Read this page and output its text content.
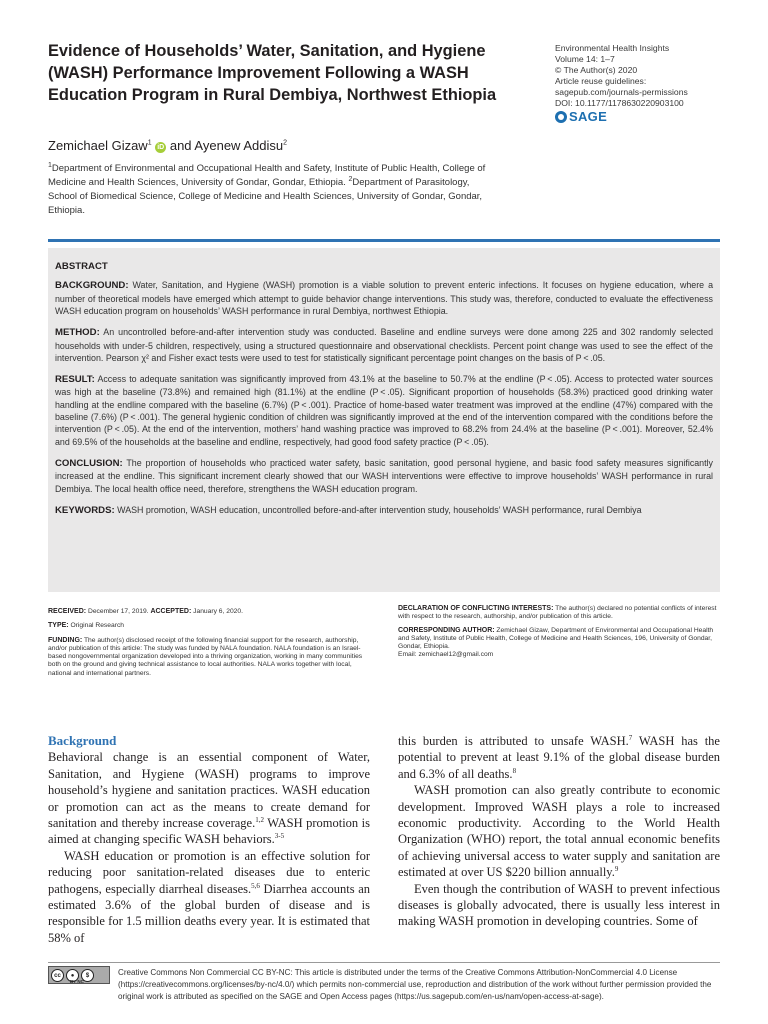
Evidence of Households’ Water, Sanitation, and Hygiene (WASH) Performance Improvement Following a WASH Education Program in Rural Dembiya, Northwest Ethiopia
Environmental Health Insights
Volume 14: 1–7
© The Author(s) 2020
Article reuse guidelines:
sagepub.com/journals-permissions
DOI: 10.1177/1178630220903100
SAGE
Zemichael Gizaw$^1$ iD and Ayenew Addisu$^2$
$^1$Department of Environmental and Occupational Health and Safety, Institute of Public Health, College of Medicine and Health Sciences, University of Gondar, Gondar, Ethiopia. $^2$Department of Parasitology, School of Biomedical Science, College of Medicine and Health Sciences, University of Gondar, Gondar, Ethiopia.

ABSTRACT

BACKGROUND: Water, Sanitation, and Hygiene (WASH) promotion is a viable solution to prevent enteric infections. It focuses on hygiene education, where a number of theoretical models have emerged which attempt to guide behavior change interventions. This study was, therefore, conducted to evaluate the effectiveness WASH education program on households’ WASH performance in rural Dembiya, northwest Ethiopia.

METHOD: An uncontrolled before-and-after intervention study was conducted. Baseline and endline surveys were done among 225 and 302 randomly selected households with under-5 children, respectively, using a structured questionnaire and observational checklists. Percent point change was used to see the effect of the intervention. Pearson χ² and Fisher exact tests were used to test for statistically significant percentage point changes on the basis of P < .05.

RESULT: Access to adequate sanitation was significantly improved from 43.1% at the baseline to 50.7% at the endline (P < .05). Access to protected water sources was high at the baseline (73.8%) and remained high (81.1%) at the endline (P < .05). Significant proportion of households (58.3%) practiced good drinking water handling at the endline compared with the baseline (6.7%) (P < .001). Practice of home-based water treatment was improved at the endline (47%) compared with the baseline (7.6%) (P < .001). The general hygienic condition of children was significantly improved at the end of the intervention compared with the conditions before the intervention (P < .05). At the end of the intervention, mothers’ hand washing practice was improved to 68.2% from 24.4% at the baseline (P < .001). Moreover, 52.4% and 69.5% of the households at the baseline and endline, respectively, had good food safety practice (P < .05).

CONCLUSION: The proportion of households who practiced water safety, basic sanitation, good personal hygiene, and basic food safety measures significantly increased at the endline. This significant increment clearly showed that our WASH interventions were effective to improve households’ WASH performance in rural Dembiya. The local health office need, therefore, strengthens the WASH education program.

KEYWORDS: WASH promotion, WASH education, uncontrolled before-and-after intervention study, households’ WASH performance, rural Dembiya

RECEIVED: December 17, 2019. ACCEPTED: January 6, 2020.

TYPE: Original Research

FUNDING: The author(s) disclosed receipt of the following financial support for the research, authorship, and/or publication of this article: The study was funded by NALA foundation. NALA foundation is an Israel-based nongovernmental organization developed into a thriving organization, working in many communities both on the ground and giving technical assistance to local authorities. NALA works together with local, national and international partners.

DECLARATION OF CONFLICTING INTERESTS: The author(s) declared no potential conflicts of interest with respect to the research, authorship, and/or publication of this article.

CORRESPONDING AUTHOR: Zemichael Gizaw, Department of Environmental and Occupational Health and Safety, Institute of Public Health, College of Medicine and Health Sciences, 196, University of Gondar, Gondar, Ethiopia.
Email: zemichael12@gmail.com

Background

Behavioral change is an essential component of Water, Sanitation, and Hygiene (WASH) programs to improve household’s hygiene and sanitation practices. WASH education or promotion can act as the means to create demand for sanitation and thereby increase coverage.$^{1,2}$ WASH promotion is aimed at changing specific WASH behaviors.$^{3-5}$

WASH education or promotion is an effective solution for reducing poor sanitation-related diseases due to enteric pathogens, especially diarrheal diseases.$^{5,6}$ Diarrhea accounts an estimated 3.6% of the global burden of disease and is responsible for 1.5 million deaths every year. It is estimated that 58% of

this burden is attributed to unsafe WASH.$^7$ WASH has the potential to prevent at least 9.1% of the global disease burden and 6.3% of all deaths.$^8$

WASH promotion can also greatly contribute to economic development. Improved WASH plays a role to increased economic productivity. According to the World Health Organization (WHO) report, the total annual economic benefits of achieving universal access to water supply and sanitation are estimated at over US $220 billion annually.$^9$

Even though the contribution of WASH to prevent infectious diseases is globally advocated, there is usually less interest in making WASH promotion in developing countries. Some of

cc	●	$
BY NC
Creative Commons Non Commercial CC BY-NC: This article is distributed under the terms of the Creative Commons Attribution-NonCommercial 4.0 License (https://creativecommons.org/licenses/by-nc/4.0/) which permits non-commercial use, reproduction and distribution of the work without further permission provided the original work is attributed as specified on the SAGE and Open Access pages (https://us.sagepub.com/en-us/nam/open-access-at-sage).
